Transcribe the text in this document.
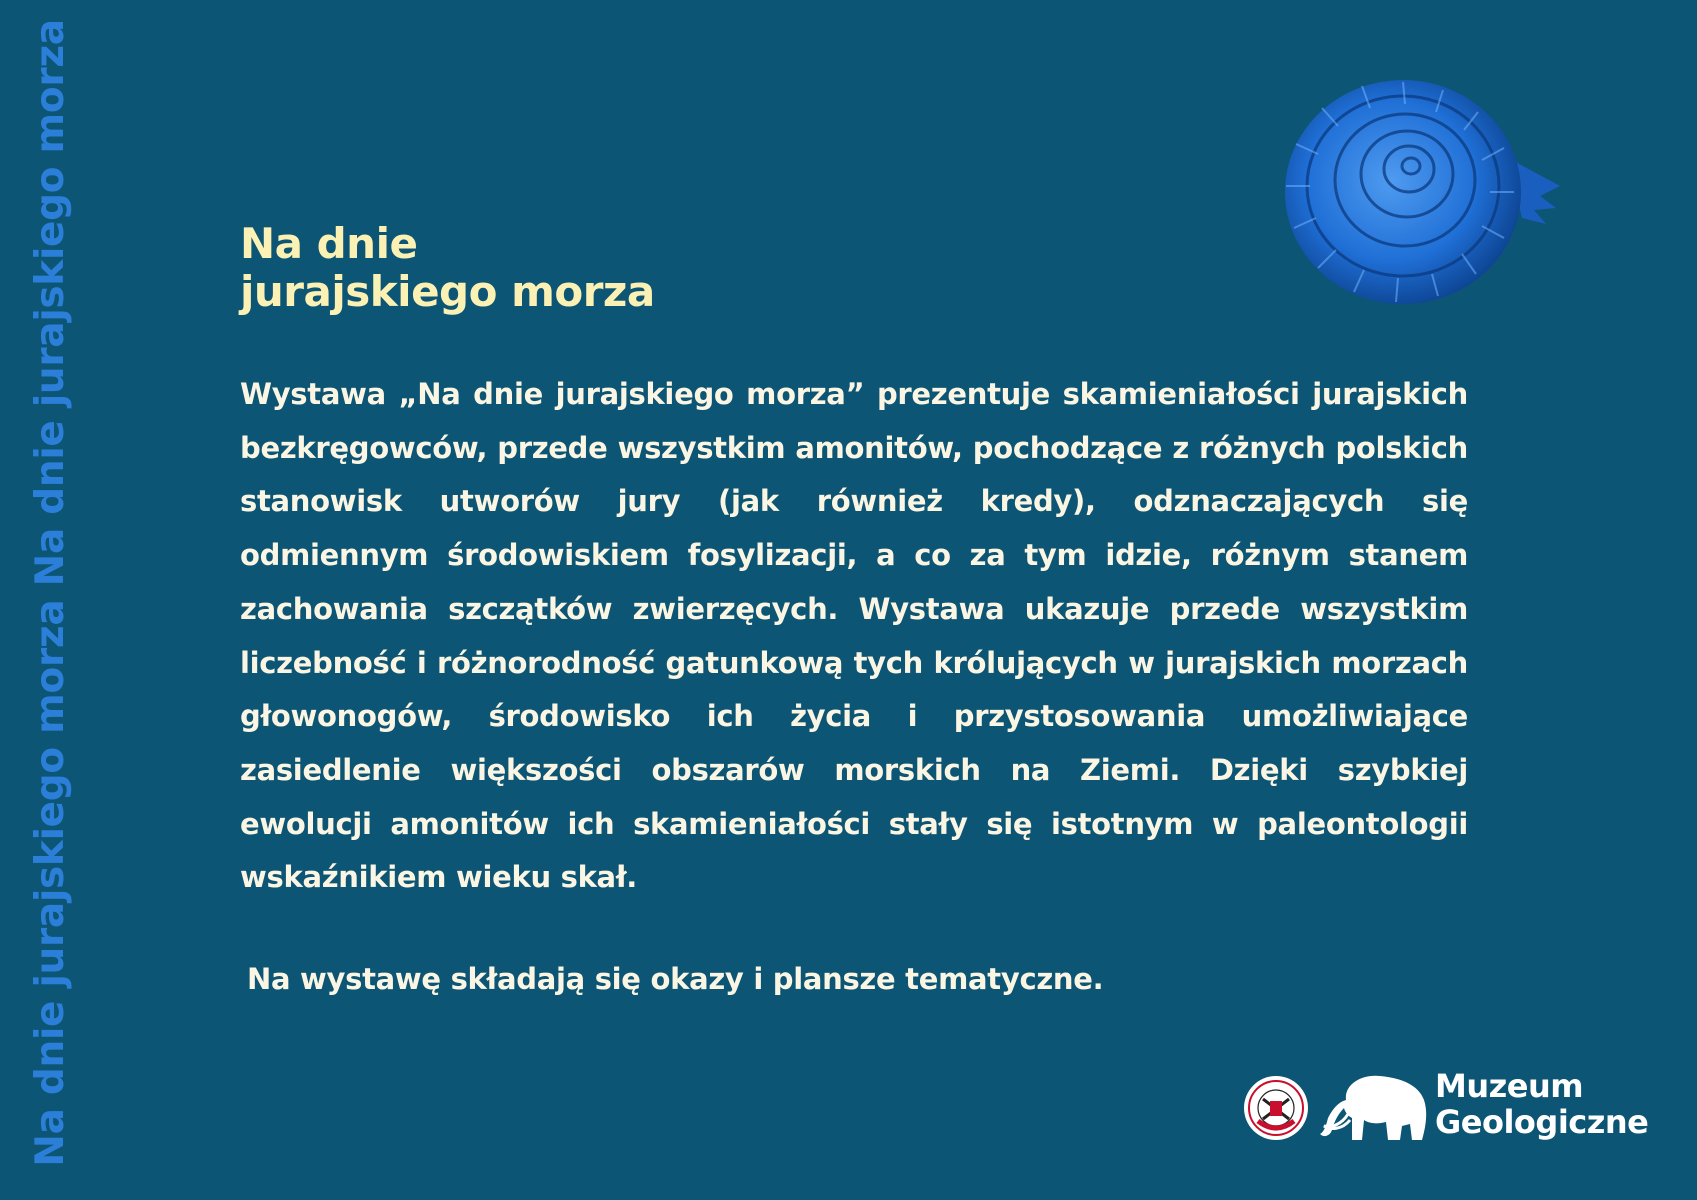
Na dnie jurajskiego morza Na dnie jurajskiego morza	Na dnie
jurajskiego morza
Wystawa „Na dnie jurajskiego morza” prezentuje skamieniałości jurajskich bezkręgowców, przede wszystkim amonitów, pochodzące z różnych polskich stanowisk utworów jury (jak również kredy), odznaczających się odmiennym środowiskiem fosylizacji, a co za tym idzie, różnym stanem zachowania szczątków zwierzęcych. Wystawa ukazuje przede wszystkim liczebność i różnorodność gatunkową tych królujących w jurajskich morzach głowonogów, środowisko ich życia i przystosowania umożliwiające zasiedlenie większości obszarów morskich na Ziemi. Dzięki szybkiej ewolucji amonitów ich skamieniałości stały się istotnym w paleontologii wskaźnikiem wieku skał.
Na wystawę składają się okazy i plansze tematyczne.
Muzeum
Geologiczne
